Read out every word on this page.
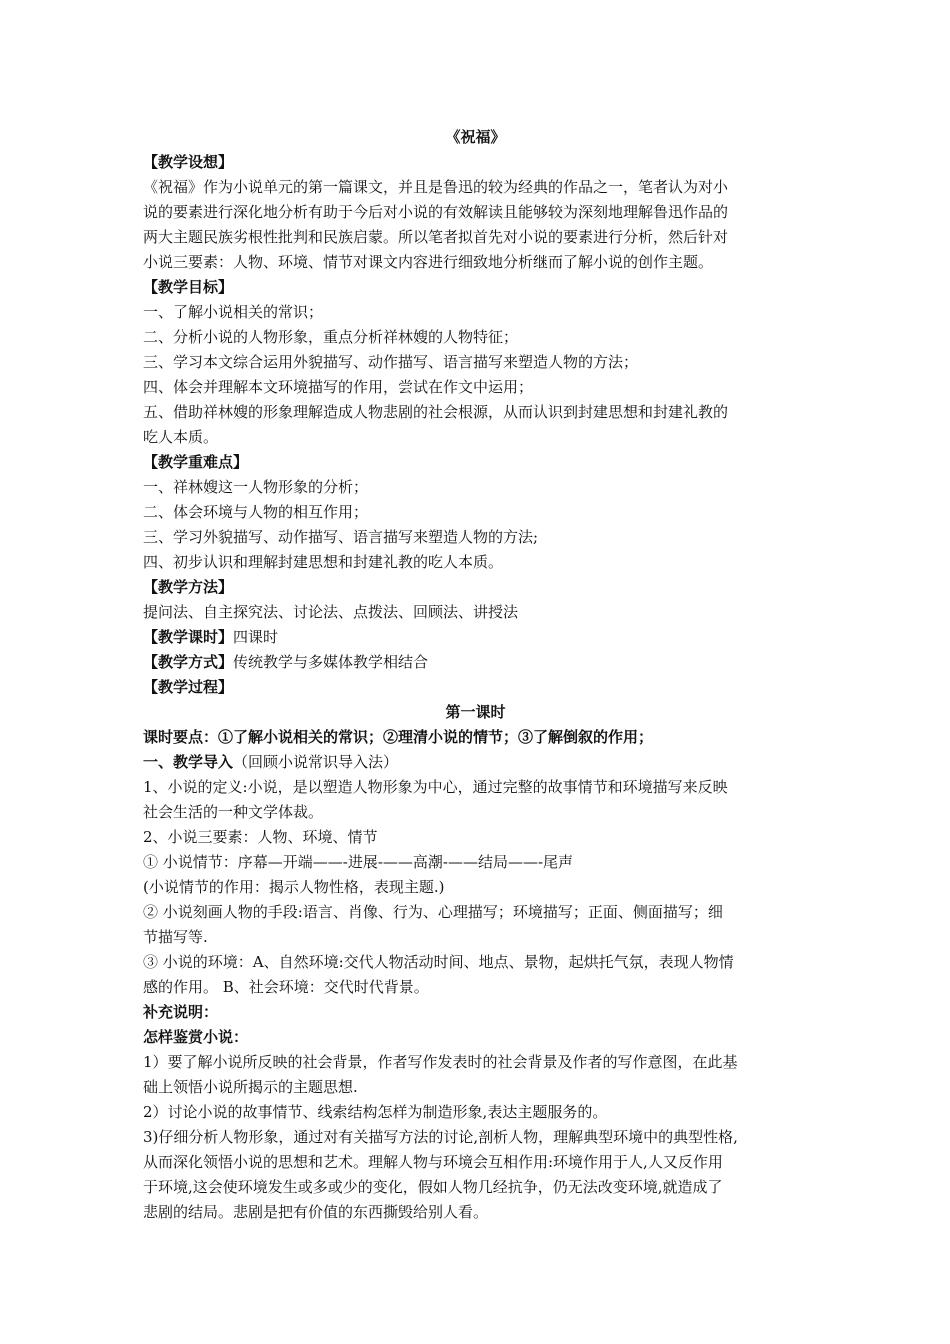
《祝福》
【教学设想】
《祝福》作为小说单元的第一篇课文，并且是鲁迅的较为经典的作品之一，笔者认为对小
说的要素进行深化地分析有助于今后对小说的有效解读且能够较为深刻地理解鲁迅作品的
两大主题民族劣根性批判和民族启蒙。所以笔者拟首先对小说的要素进行分析，然后针对
小说三要素：人物、环境、情节对课文内容进行细致地分析继而了解小说的创作主题。
【教学目标】
一、了解小说相关的常识；
二、分析小说的人物形象，重点分析祥林嫂的人物特征；
三、学习本文综合运用外貌描写、动作描写、语言描写来塑造人物的方法；
四、体会并理解本文环境描写的作用，尝试在作文中运用；
五、借助祥林嫂的形象理解造成人物悲剧的社会根源，从而认识到封建思想和封建礼教的
吃人本质。
【教学重难点】
一、祥林嫂这一人物形象的分析；
二、体会环境与人物的相互作用；
三、学习外貌描写、动作描写、语言描写来塑造人物的方法;
四、初步认识和理解封建思想和封建礼教的吃人本质。
【教学方法】
提问法、自主探究法、讨论法、点拨法、回顾法、讲授法
【教学课时】四课时
【教学方式】传统教学与多媒体教学相结合
【教学过程】
第一课时
课时要点：①了解小说相关的常识；②理清小说的情节；③了解倒叙的作用；
一、教学导入（回顾小说常识导入法）
1、小说的定义:小说，是以塑造人物形象为中心，通过完整的故事情节和环境描写来反映
社会生活的一种文学体裁。
2、小说三要素：人物、环境、情节
① 小说情节：序幕—开端——-进展-——高潮-——结局——-尾声
(小说情节的作用：揭示人物性格，表现主题.)
② 小说刻画人物的手段:语言、肖像、行为、心理描写；环境描写；正面、侧面描写；细
节描写等.
③ 小说的环境：A、自然环境:交代人物活动时间、地点、景物，起烘托气氛，表现人物情
感的作用。 B、社会环境：交代时代背景。
补充说明：
怎样鉴赏小说：
1）要了解小说所反映的社会背景，作者写作发表时的社会背景及作者的写作意图，在此基
础上领悟小说所揭示的主题思想.
2）讨论小说的故事情节、线索结构怎样为制造形象,表达主题服务的。
3)仔细分析人物形象，通过对有关描写方法的讨论,剖析人物，理解典型环境中的典型性格,
从而深化领悟小说的思想和艺术。理解人物与环境会互相作用:环境作用于人,人又反作用
于环境,这会使环境发生或多或少的变化，假如人物几经抗争，仍无法改变环境,就造成了
悲剧的结局。悲剧是把有价值的东西撕毁给别人看。
